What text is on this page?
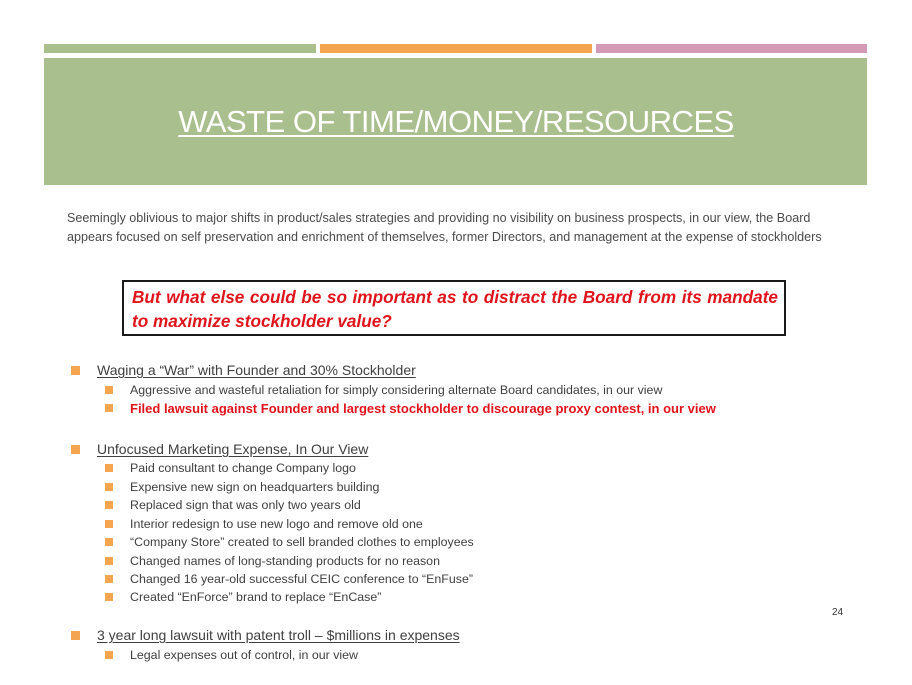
WASTE OF TIME/MONEY/RESOURCES
Seemingly oblivious to major shifts in product/sales strategies and providing no visibility on business prospects, in our view, the Board appears focused on self preservation and enrichment of themselves, former Directors, and management at the expense of stockholders
But what else could be so important as to distract the Board from its mandate to maximize stockholder value?
Waging a “War” with Founder and 30% Stockholder
Aggressive and wasteful retaliation for simply considering alternate Board candidates, in our view
Filed lawsuit against Founder and largest stockholder to discourage proxy contest, in our view
Unfocused Marketing Expense, In Our View
Paid consultant to change Company logo
Expensive new sign on headquarters building
Replaced sign that was only two years old
Interior redesign to use new logo and remove old one
“Company Store” created to sell branded clothes to employees
Changed names of long-standing products for no reason
Changed 16 year-old successful CEIC conference to “EnFuse”
Created “EnForce” brand to replace “EnCase”
24
3 year long lawsuit with patent troll – $millions in expenses
Legal expenses out of control, in our view
